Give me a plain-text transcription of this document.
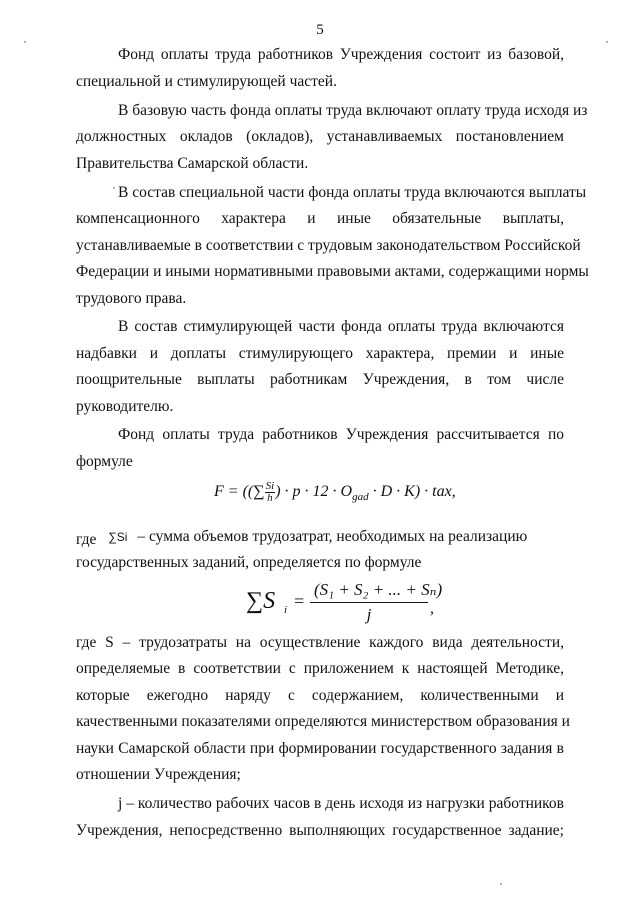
5
Фонд оплаты труда работников Учреждения состоит из базовой,
специальной и стимулирующей частей.
В базовую часть фонда оплаты труда включают оплату труда исходя из
должностных окладов (окладов), устанавливаемых постановлением
Правительства Самарской области.
В состав специальной части фонда оплаты труда включаются выплаты
компенсационного характера и иные обязательные выплаты,
устанавливаемые в соответствии с трудовым законодательством Российской
Федерации и иными нормативными правовыми актами, содержащими нормы
трудового права.
В состав стимулирующей части фонда оплаты труда включаются
надбавки и доплаты стимулирующего характера, премии и иные
поощрительные выплаты работникам Учреждения, в том числе
руководителю.
Фонд оплаты труда работников Учреждения рассчитывается по
формуле
F = ((∑ $\frac{Si}{h}$ ) · $p \cdot 12 \cdot O_{gad} \cdot D \cdot K$) · tax,
где ∑Si – сумма объемов трудозатрат, необходимых на реализацию
государственных заданий, определяется по формуле
∑S $i = \frac{\text{(S₁ + S₂ + ... + Sₙ)}}{j}$ ,
где S – трудозатраты на осуществление каждого вида деятельности,
определяемые в соответствии с приложением к настоящей Методике,
которые ежегодно наряду с содержанием, количественными и
качественными показателями определяются министерством образования и
науки Самарской области при формировании государственного задания в
отношении Учреждения;
j – количество рабочих часов в день исходя из нагрузки работников
Учреждения, непосредственно выполняющих государственное задание;
